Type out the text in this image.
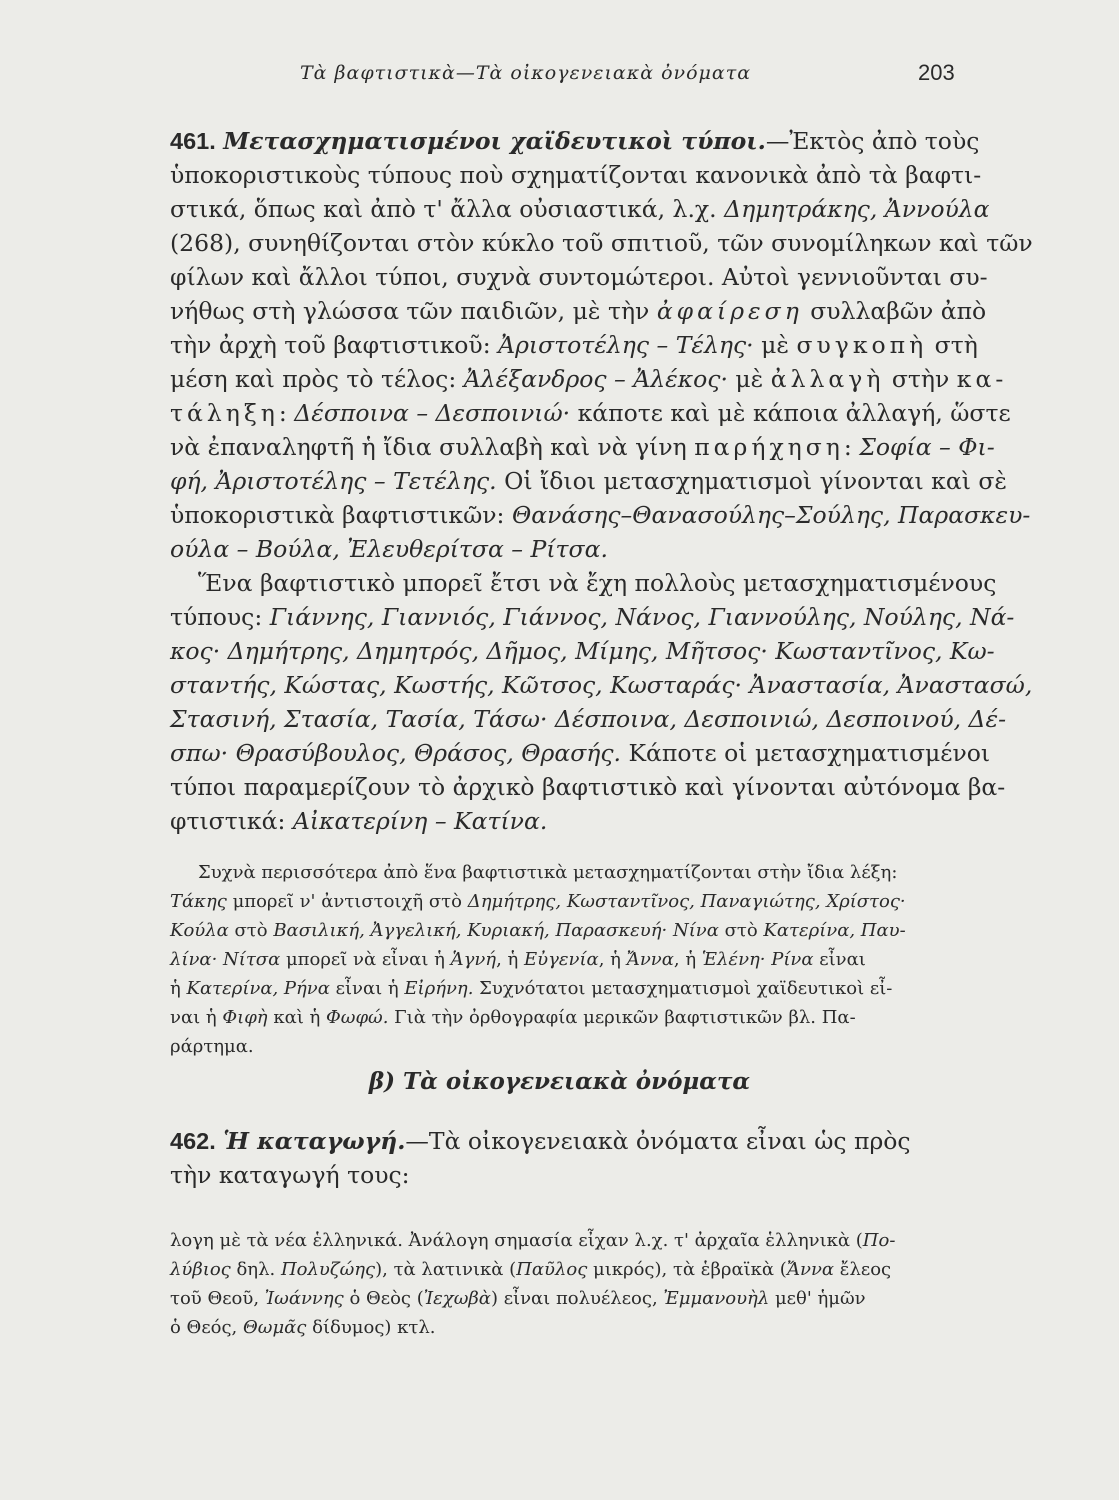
Τὰ βαφτιστικὰ—Τὰ οἰκογενειακὰ ὀνόματα	203
461. Μετασχηματισμένοι χαϊδευτικοὶ τύποι.—Ἐκτὸς ἀπὸ τοὺς
ὑποκοριστικοὺς τύπους ποὺ σχηματίζονται κανονικὰ ἀπὸ τὰ βαφτι-
στικά, ὅπως καὶ ἀπὸ τ' ἄλλα οὐσιαστικά, λ.χ. Δημητράκης, Ἀννούλα
(268), συνηθίζονται στὸν κύκλο τοῦ σπιτιοῦ, τῶν συνομίληκων καὶ τῶν
φίλων καὶ ἄλλοι τύποι, συχνὰ συντομώτεροι. Αὐτοὶ γεννιοῦνται συ-
νήθως στὴ γλώσσα τῶν παιδιῶν, μὲ τὴν ἀφαίρεση συλλαβῶν ἀπὸ
τὴν ἀρχὴ τοῦ βαφτιστικοῦ: Ἀριστοτέλης – Τέλης· μὲ συγκοπὴ στὴ
μέση καὶ πρὸς τὸ τέλος: Ἀλέξανδρος – Ἀλέκος· μὲ ἀλλαγὴ στὴν κα-
τάληξη: Δέσποινα – Δεσποινιώ· κάποτε καὶ μὲ κάποια ἀλλαγή, ὥστε
νὰ ἐπαναληφτῆ ἡ ἴδια συλλαβὴ καὶ νὰ γίνη παρήχηση: Σοφία – Φι-
φή, Ἀριστοτέλης – Τετέλης. Οἱ ἴδιοι μετασχηματισμοὶ γίνονται καὶ σὲ
ὑποκοριστικὰ βαφτιστικῶν: Θανάσης–Θανασούλης–Σούλης, Παρασκευ-
ούλα – Βούλα, Ἐλευθερίτσα – Ρίτσα.
Ἕνα βαφτιστικὸ μπορεῖ ἔτσι νὰ ἔχη πολλοὺς μετασχηματισμένους
τύπους: Γιάννης, Γιαννιός, Γιάννος, Νάνος, Γιαννούλης, Νούλης, Νά-
κος· Δημήτρης, Δημητρός, Δῆμος, Μίμης, Μῆτσος· Κωσταντῖνος, Κω-
σταντής, Κώστας, Κωστής, Κῶτσος, Κωσταράς· Ἀναστασία, Ἀναστασώ,
Στασινή, Στασία, Τασία, Τάσω· Δέσποινα, Δεσποινιώ, Δεσποινού, Δέ-
σπω· Θρασύβουλος, Θράσος, Θρασής. Κάποτε οἱ μετασχηματισμένοι
τύποι παραμερίζουν τὸ ἀρχικὸ βαφτιστικὸ καὶ γίνονται αὐτόνομα βα-
φτιστικά: Αἰκατερίνη – Κατίνα.
Συχνὰ περισσότερα ἀπὸ ἕνα βαφτιστικὰ μετασχηματίζονται στὴν ἴδια λέξη:
Τάκης μπορεῖ ν' ἀντιστοιχῆ στὸ Δημήτρης, Κωσταντῖνος, Παναγιώτης, Χρίστος·
Κούλα στὸ Βασιλική, Ἀγγελική, Κυριακή, Παρασκευή· Νίνα στὸ Κατερίνα, Παυ-
λίνα· Νίτσα μπορεῖ νὰ εἶναι ἡ Ἁγνή, ἡ Εὐγενία, ἡ Ἄννα, ἡ Ἑλένη· Ρίνα εἶναι
ἡ Κατερίνα, Ρήνα εἶναι ἡ Εἰρήνη. Συχνότατοι μετασχηματισμοὶ χαϊδευτικοὶ εἶ-
ναι ἡ Φιφὴ καὶ ἡ Φωφώ. Γιὰ τὴν ὀρθογραφία μερικῶν βαφτιστικῶν βλ. Πα-
ράρτημα.
β) Τὰ οἰκογενειακὰ ὀνόματα
462. Ἡ καταγωγή.—Τὰ οἰκογενειακὰ ὀνόματα εἶναι ὡς πρὸς
τὴν καταγωγή τους:
λογη μὲ τὰ νέα ἑλληνικά. Ἀνάλογη σημασία εἶχαν λ.χ. τ' ἀρχαῖα ἑλληνικὰ (Πο-
λύβιος δηλ. Πολυζώης), τὰ λατινικὰ (Παῦλος μικρός), τὰ ἑβραϊκὰ (Ἄννα ἔλεος
τοῦ Θεοῦ, Ἰωάννης ὁ Θεὸς (Ἰεχωβὰ) εἶναι πολυέλεος, Ἐμμανουὴλ μεθ' ἡμῶν
ὁ Θεός, Θωμᾶς δίδυμος) κτλ.
